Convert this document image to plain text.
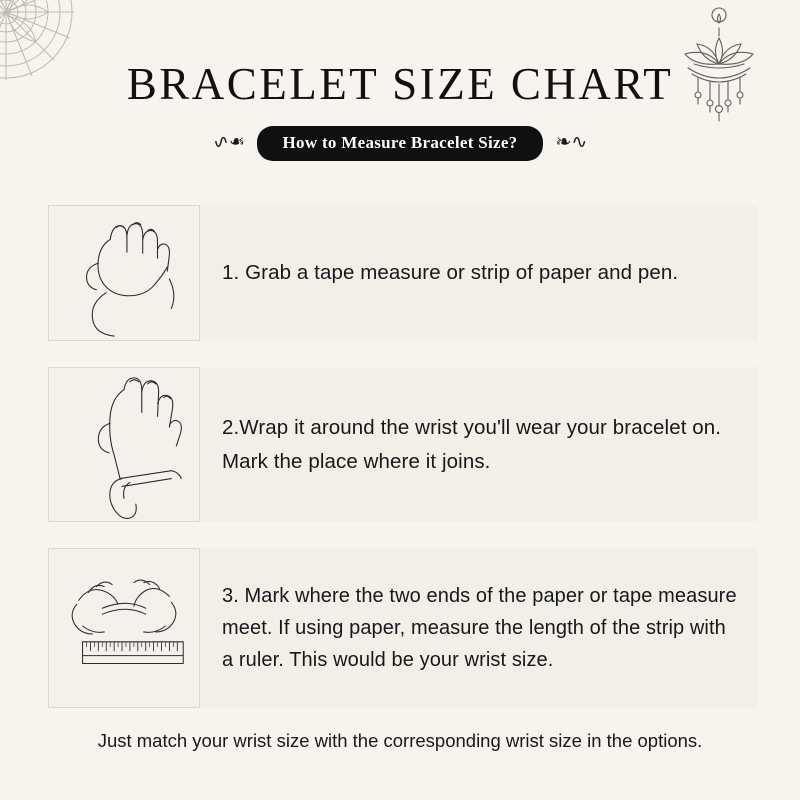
BRACELET SIZE CHART
❧∿	How to Measure Bracelet Size?	❧∿
1. Grab a tape measure or strip of paper and pen.
2.Wrap it around the wrist you'll wear your bracelet on. Mark the place where it joins.
3. Mark where the two ends of the paper or tape measure meet. If using paper, measure the length of the strip with a ruler. This would be your wrist size.
Just match your wrist size with the corresponding wrist size in the options.
